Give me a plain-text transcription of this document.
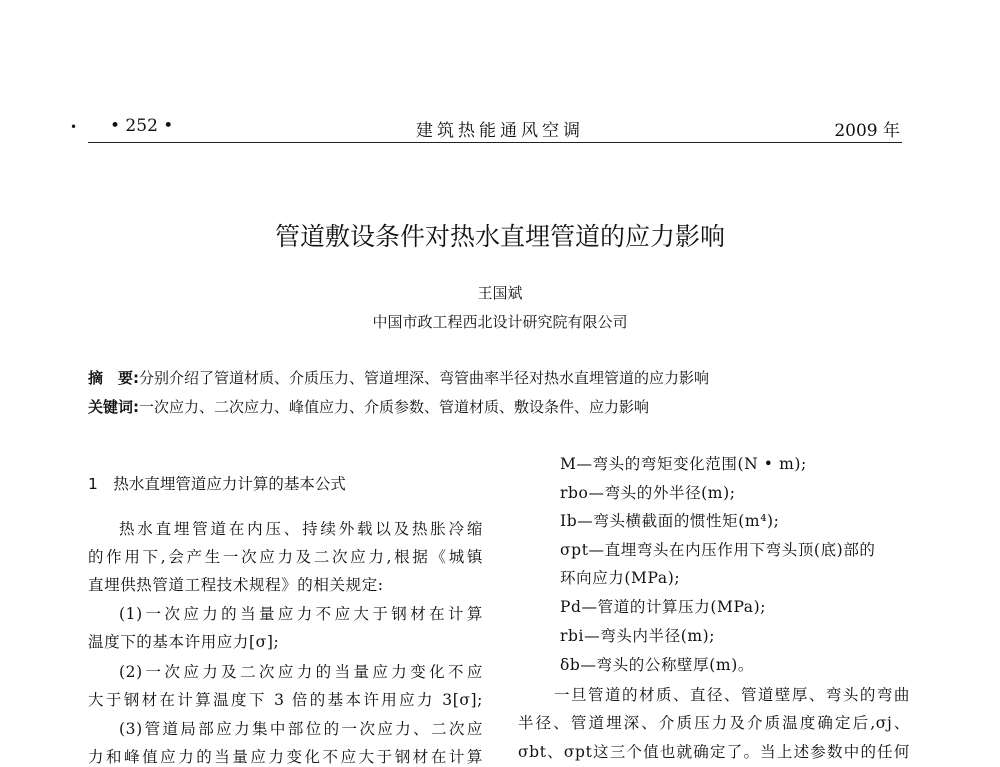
• • 252 •	建筑热能通风空调	2009 年
管道敷设条件对热水直埋管道的应力影响
王国斌
中国市政工程西北设计研究院有限公司
摘　要:分别介绍了管道材质、介质压力、管道埋深、弯管曲率半径对热水直埋管道的应力影响
关键词:一次应力、二次应力、峰值应力、介质参数、管道材质、敷设条件、应力影响
1　热水直埋管道应力计算的基本公式
热水直埋管道在内压、持续外载以及热胀冷缩
的作用下,会产生一次应力及二次应力,根据《城镇
直埋供热管道工程技术规程》的相关规定:
(1)一次应力的当量应力不应大于钢材在计算
温度下的基本许用应力[σ];
(2)一次应力及二次应力的当量应力变化不应
大于钢材在计算温度下 3 倍的基本许用应力 3[σ];
(3)管道局部应力集中部位的一次应力、二次应
力和峰值应力的当量应力变化不应大于钢材在计算
M—弯头的弯矩变化范围(N • m);
rbo—弯头的外半径(m);
Ib—弯头横截面的惯性矩(m⁴);
σpt—直埋弯头在内压作用下弯头顶(底)部的
环向应力(MPa);
Pd—管道的计算压力(MPa);
rbi—弯头内半径(m);
δb—弯头的公称壁厚(m)。
一旦管道的材质、直径、管道壁厚、弯头的弯曲
半径、管道埋深、介质压力及介质温度确定后,σj、
σbt、σpt这三个值也就确定了。当上述参数中的任何
